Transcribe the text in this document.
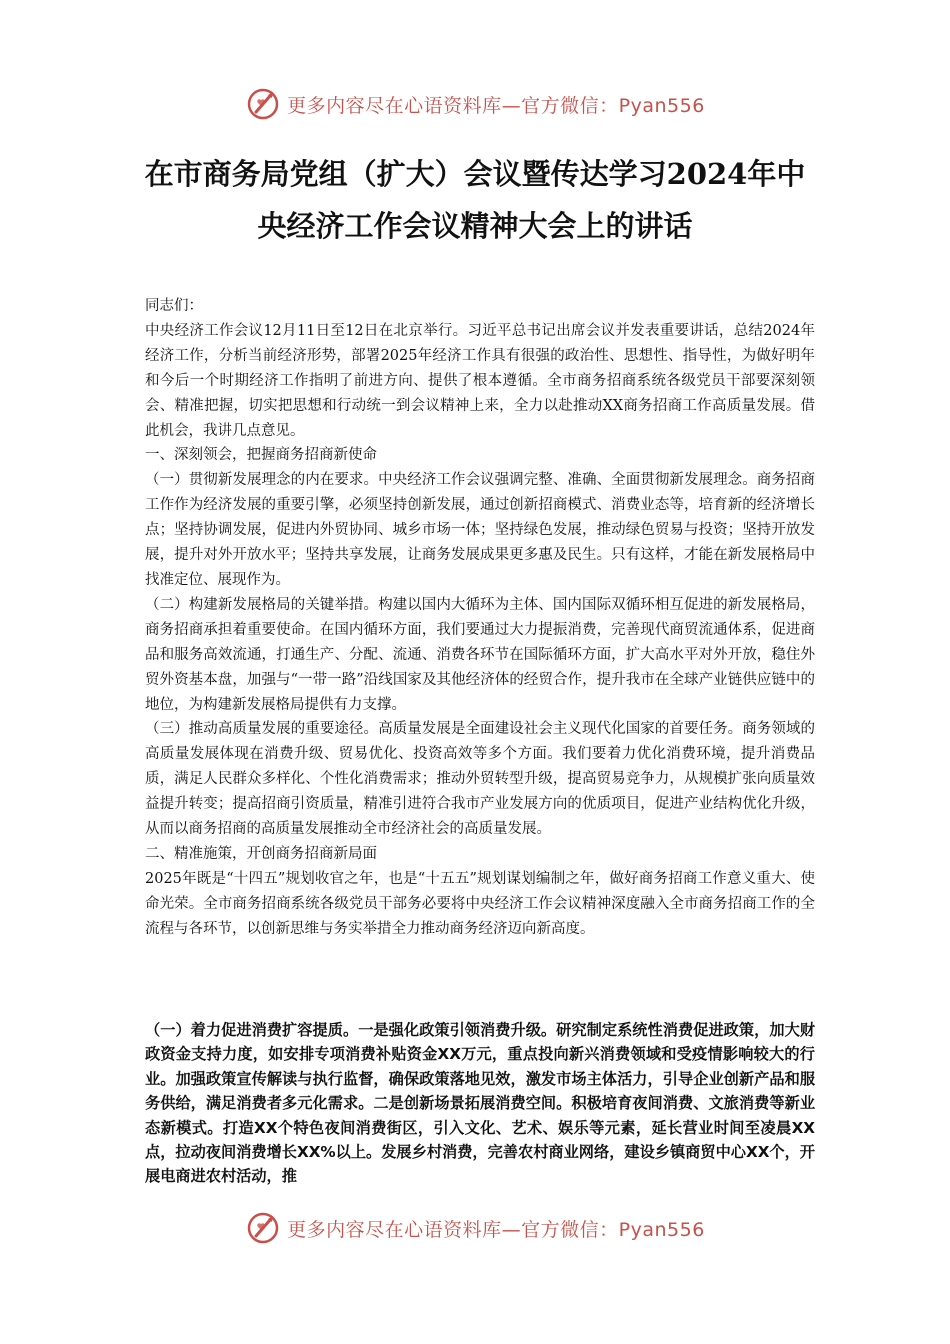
更多内容尽在心语资料库—官方微信：Pyan556
在市商务局党组（扩大）会议暨传达学习2024年中
央经济工作会议精神大会上的讲话

同志们：

中央经济工作会议12月11日至12日在北京举行。习近平总书记出席会议并发表重要讲话，总结2024年经济工作，分析当前经济形势，部署2025年经济工作具有很强的政治性、思想性、指导性，为做好明年和今后一个时期经济工作指明了前进方向、提供了根本遵循。全市商务招商系统各级党员干部要深刻领会、精准把握，切实把思想和行动统一到会议精神上来，全力以赴推动XX商务招商工作高质量发展。借此机会，我讲几点意见。

一、深刻领会，把握商务招商新使命

（一）贯彻新发展理念的内在要求。中央经济工作会议强调完整、准确、全面贯彻新发展理念。商务招商工作作为经济发展的重要引擎，必须坚持创新发展，通过创新招商模式、消费业态等，培育新的经济增长点；坚持协调发展，促进内外贸协同、城乡市场一体；坚持绿色发展，推动绿色贸易与投资；坚持开放发展，提升对外开放水平；坚持共享发展，让商务发展成果更多惠及民生。只有这样，才能在新发展格局中找准定位、展现作为。

（二）构建新发展格局的关键举措。构建以国内大循环为主体、国内国际双循环相互促进的新发展格局，商务招商承担着重要使命。在国内循环方面，我们要通过大力提振消费，完善现代商贸流通体系，促进商品和服务高效流通，打通生产、分配、流通、消费各环节在国际循环方面，扩大高水平对外开放，稳住外贸外资基本盘，加强与“一带一路”沿线国家及其他经济体的经贸合作，提升我市在全球产业链供应链中的地位，为构建新发展格局提供有力支撑。

（三）推动高质量发展的重要途径。高质量发展是全面建设社会主义现代化国家的首要任务。商务领域的高质量发展体现在消费升级、贸易优化、投资高效等多个方面。我们要着力优化消费环境，提升消费品质，满足人民群众多样化、个性化消费需求；推动外贸转型升级，提高贸易竞争力，从规模扩张向质量效益提升转变；提高招商引资质量，精准引进符合我市产业发展方向的优质项目，促进产业结构优化升级，从而以商务招商的高质量发展推动全市经济社会的高质量发展。

二、精准施策，开创商务招商新局面

2025年既是“十四五”规划收官之年，也是“十五五”规划谋划编制之年，做好商务招商工作意义重大、使命光荣。全市商务招商系统各级党员干部务必要将中央经济工作会议精神深度融入全市商务招商工作的全流程与各环节，以创新思维与务实举措全力推动商务经济迈向新高度。

（一）着力促进消费扩容提质。一是强化政策引领消费升级。研究制定系统性消费促进政策，加大财政资金支持力度，如安排专项消费补贴资金XX万元，重点投向新兴消费领域和受疫情影响较大的行业。加强政策宣传解读与执行监督，确保政策落地见效，激发市场主体活力，引导企业创新产品和服务供给，满足消费者多元化需求。二是创新场景拓展消费空间。积极培育夜间消费、文旅消费等新业态新模式。打造XX个特色夜间消费街区，引入文化、艺术、娱乐等元素，延长营业时间至凌晨XX点，拉动夜间消费增长XX%以上。发展乡村消费，完善农村商业网络，建设乡镇商贸中心XX个，开展电商进农村活动，推

更多内容尽在心语资料库—官方微信：Pyan556
